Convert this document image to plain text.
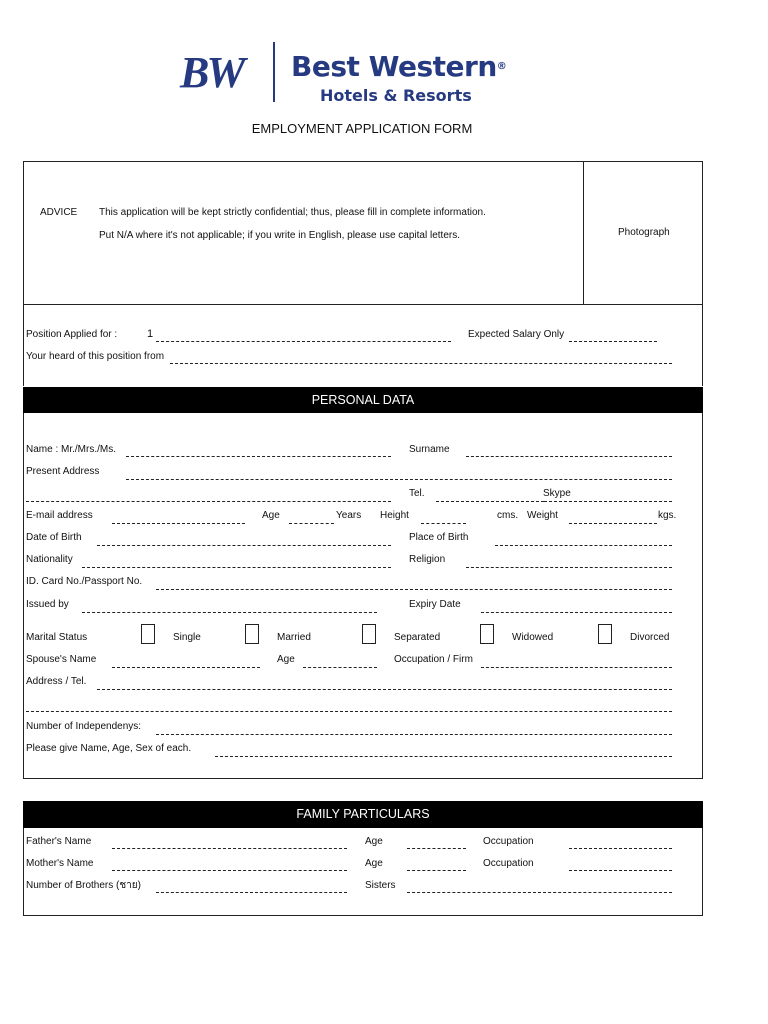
BW Best Western®
Hotels & Resorts
EMPLOYMENT APPLICATION FORM
ADVICE This application will be kept strictly confidential; thus, please fill in complete information.
Put N/A where it's not applicable; if you write in English, please use capital letters.	Photograph
Position Applied for :	1	Expected Salary Only
Your heard of this position from
PERSONAL DATA
Name : Mr./Mrs./Ms.	Surname
Present Address
Tel.	Skype
E-mail address	Age	Years Height	cms. Weight	kgs.
Date of Birth	Place of Birth
Nationality	Religion
ID. Card No./Passport No.
Issued by	Expiry Date
Marital Status	Single	Married	Separated	Widowed	Divorced
Spouse's Name	Age	Occupation / Firm
Address / Tel.
Number of Independenys:
Please give Name, Age, Sex of each.
FAMILY PARTICULARS
Father's Name	Age	Occupation
Mother's Name	Age	Occupation
Number of Brothers (ชาย)	Sisters
